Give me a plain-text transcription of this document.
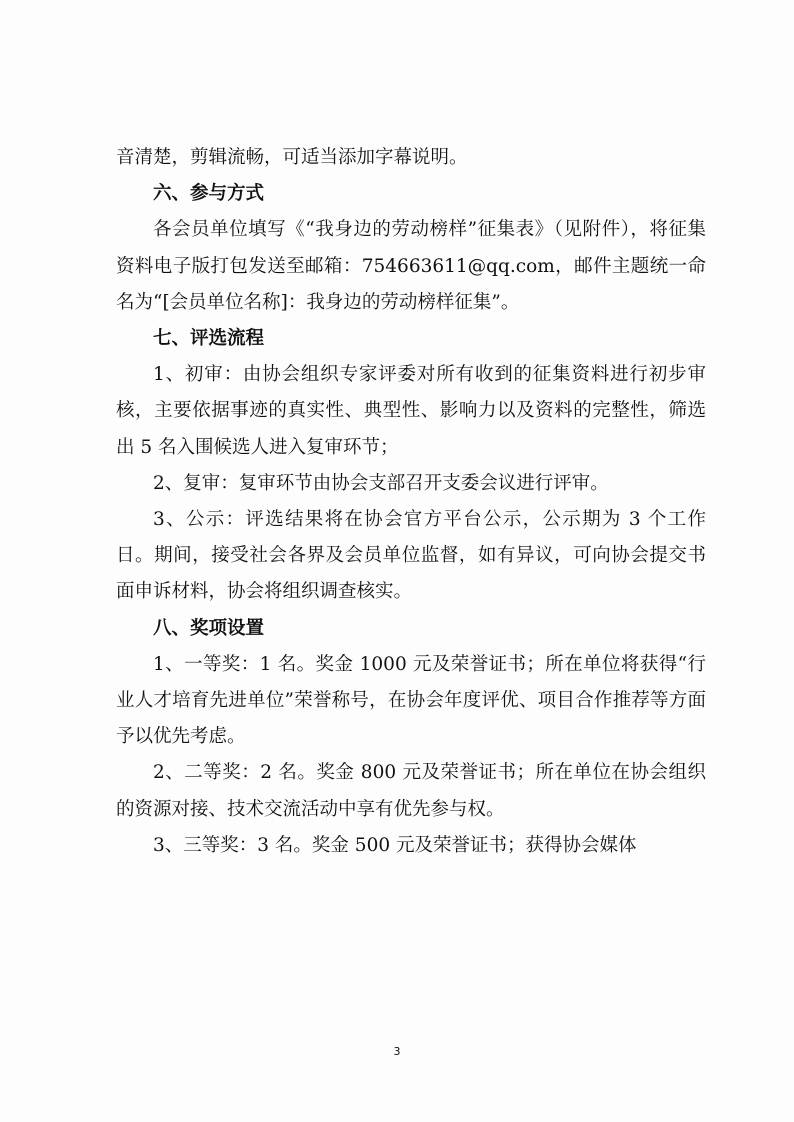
音清楚，剪辑流畅，可适当添加字幕说明。

六、参与方式

各会员单位填写《“我身边的劳动榜样”征集表》（见附件），将征集资料电子版打包发送至邮箱：754663611@qq.com，邮件主题统一命名为“[会员单位名称]：我身边的劳动榜样征集”。

七、评选流程

1、初审：由协会组织专家评委对所有收到的征集资料进行初步审核，主要依据事迹的真实性、典型性、影响力以及资料的完整性，筛选出 5 名入围候选人进入复审环节；

2、复审：复审环节由协会支部召开支委会议进行评审。

3、公示：评选结果将在协会官方平台公示，公示期为 3 个工作日。期间，接受社会各界及会员单位监督，如有异议，可向协会提交书面申诉材料，协会将组织调查核实。

八、奖项设置

1、一等奖：1 名。奖金 1000 元及荣誉证书；所在单位将获得“行业人才培育先进单位”荣誉称号，在协会年度评优、项目合作推荐等方面予以优先考虑。

2、二等奖：2 名。奖金 800 元及荣誉证书；所在单位在协会组织的资源对接、技术交流活动中享有优先参与权。

3、三等奖：3 名。奖金 500 元及荣誉证书；获得协会媒体

3
